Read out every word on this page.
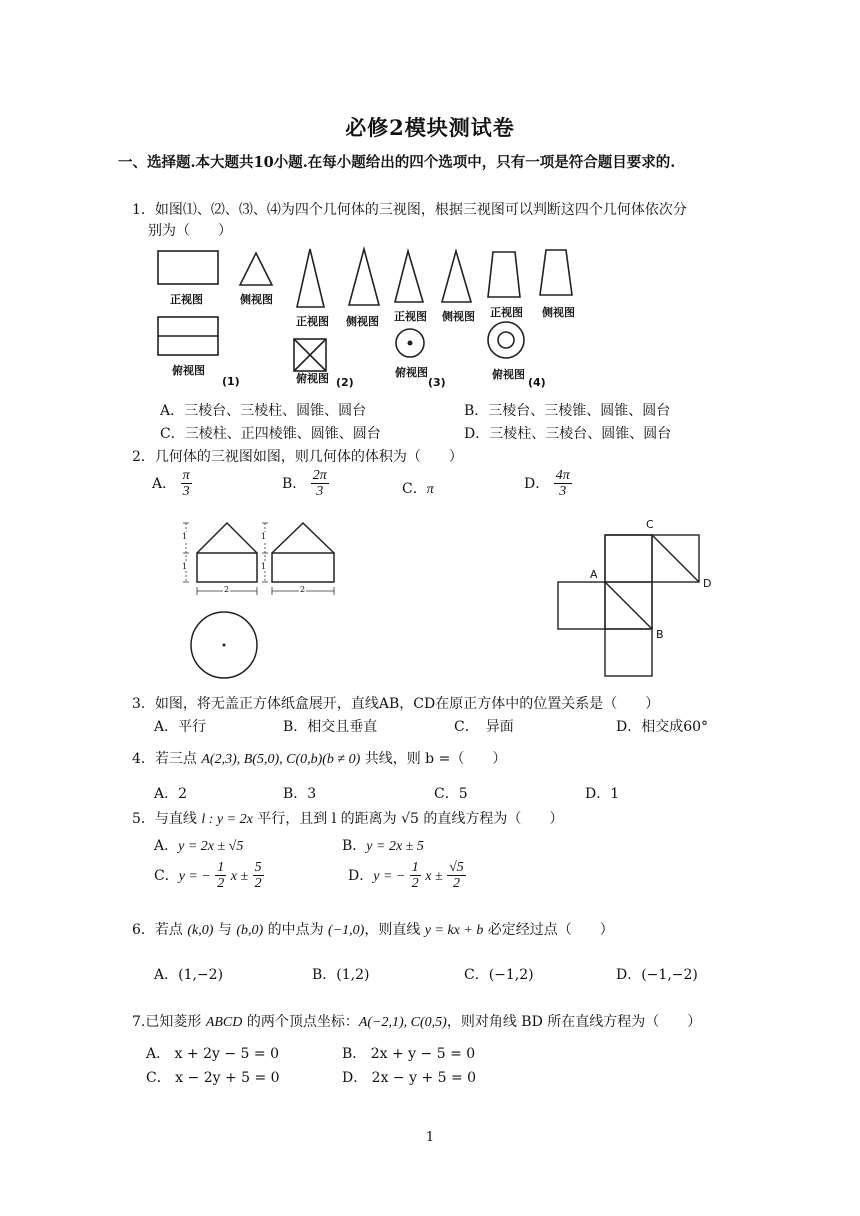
必修2模块测试卷
一、选择题.本大题共10小题.在每小题给出的四个选项中，只有一项是符合题目要求的.
1．如图⑴、⑵、⑶、⑷为四个几何体的三视图，根据三视图可以判断这四个几何体依次分
别为（　　）
正视图	侧视图
俯视图
(1)
正视图 侧视图
俯视图 (2)
正视图 侧视图
俯视图
(3)
正视图 侧视图
俯视图
(4)
A．三棱台、三棱柱、圆锥、圆台	B．三棱台、三棱锥、圆锥、圆台
C．三棱柱、正四棱锥、圆锥、圆台	D．三棱柱、三棱台、圆锥、圆台
2．几何体的三视图如图，则几何体的体积为（　　）
A． $\frac{\pi}{3}$	B． $\frac{2\pi}{3}$	C．π	D． $\frac{4\pi}{3}$
2	2
1
1
1
1
C
A
D
B
3．如图，将无盖正方体纸盒展开，直线AB，CD在原正方体中的位置关系是（　　）
A．平行	B．相交且垂直	C．　异面	D．相交成60°
4．若三点 A(2,3), B(5,0), C(0,b)(b ≠ 0) 共线，则 b =（　　）
A．2	B．3	C．5	D．1
5．与直线 l : y = 2x 平行，且到 l 的距离为 √5 的直线方程为（　　）
A．y = 2x ± √5	B．y = 2x ± 5
C．y = − $\frac{1}{2}$ $x \pm \frac{5}{2}$	D．y = − $\frac{1}{2}$ $x \pm \frac{√5}{2}$
6．若点 (k,0) 与 (b,0) 的中点为 (−1,0)，则直线 y = kx + b 必定经过点（　　）
A．(1,−2)	B．(1,2)	C．(−1,2)	D．(−1,−2)
7.已知菱形 ABCD 的两个顶点坐标：A(−2,1), C(0,5)，则对角线 BD 所在直线方程为（　　）
A． x + 2y − 5 = 0	B． 2x + y − 5 = 0
C． x − 2y + 5 = 0	D． 2x − y + 5 = 0
1
